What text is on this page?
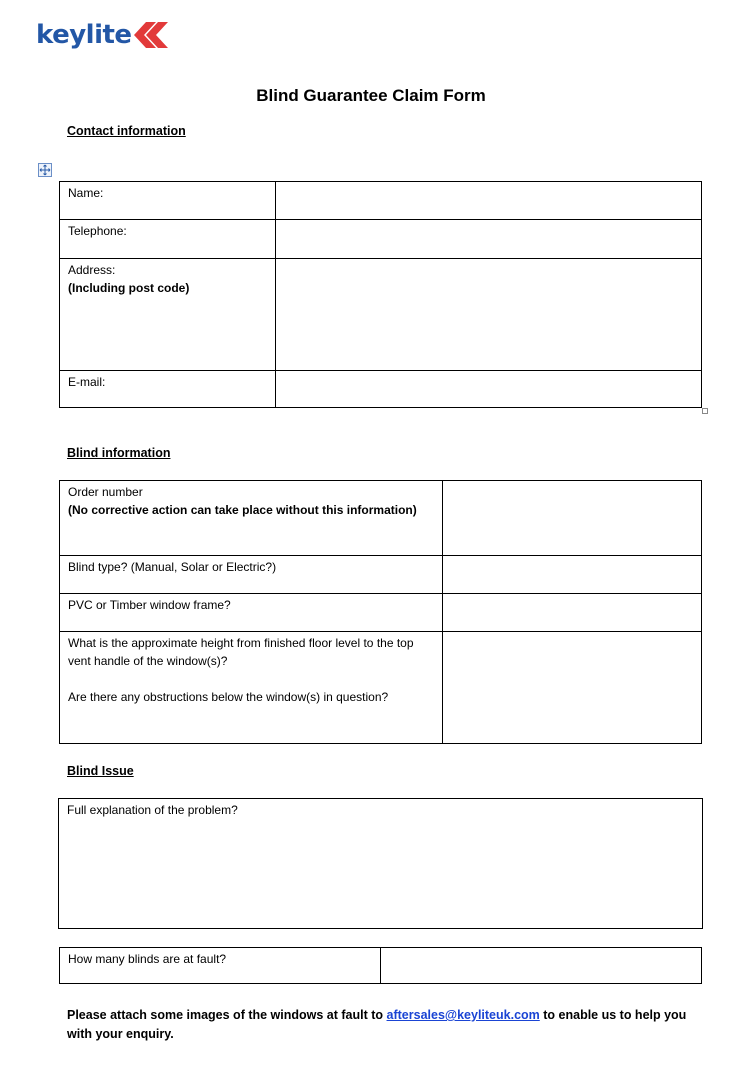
keylite
Blind Guarantee Claim Form
Contact information
Name:	
Telephone:	

Address:
(Including post code)	

E-mail:	
Blind information
Order number
(No corrective action can take place without this information)	

Blind type? (Manual, Solar or Electric?)	
PVC or Timber window frame?	

What is the approximate height from finished floor level to the top vent handle of the window(s)?
Are there any obstructions below the window(s) in question?	

Blind Issue
Full explanation of the problem?
How many blinds are at fault?	
Please attach some images of the windows at fault to aftersales@keyliteuk.com to enable us to help you with your enquiry.
